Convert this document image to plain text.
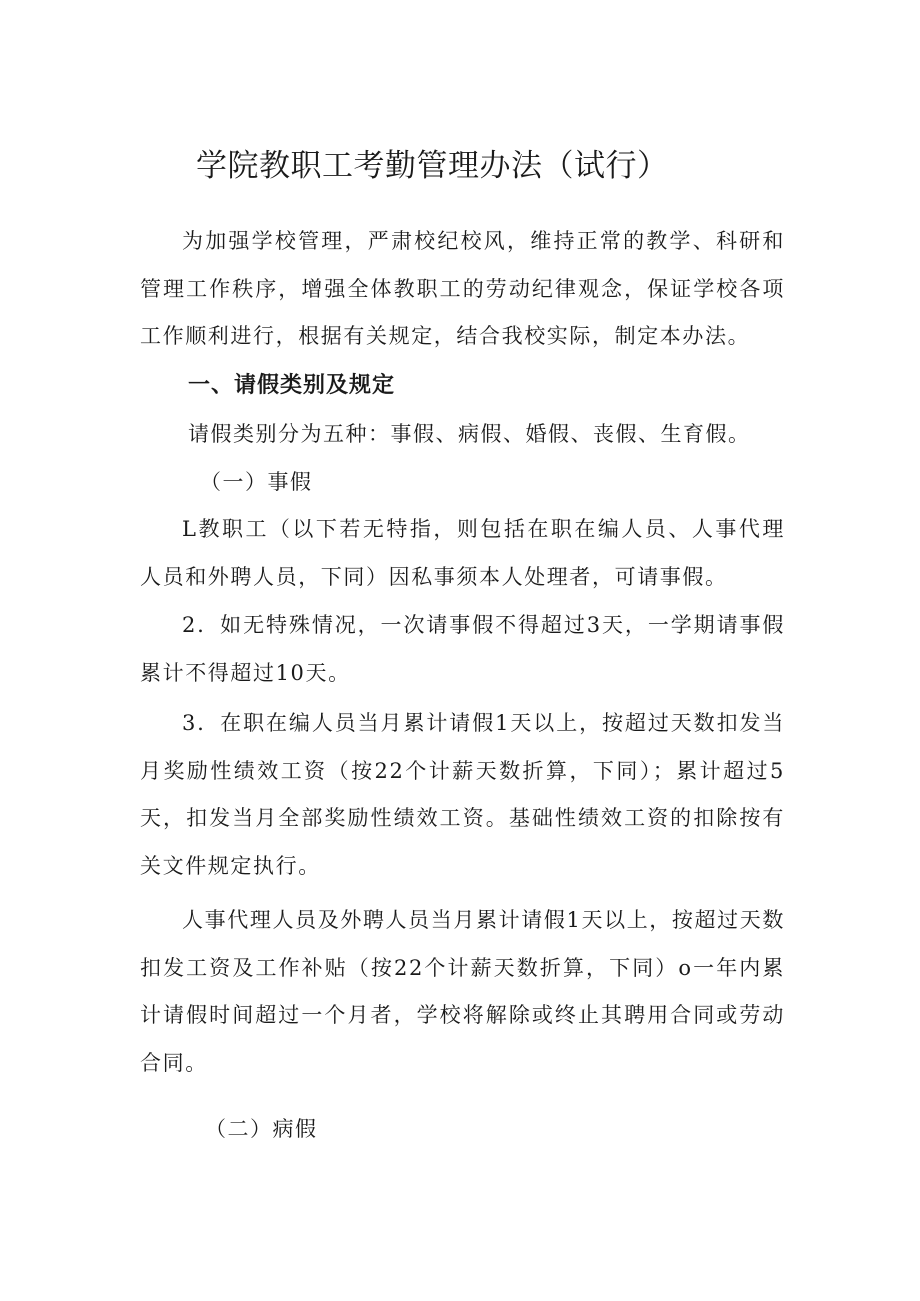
学院教职工考勤管理办法（试行）

为加强学校管理，严肃校纪校风，维持正常的教学、科研和管理工作秩序，增强全体教职工的劳动纪律观念，保证学校各项工作顺利进行，根据有关规定，结合我校实际，制定本办法。

一、请假类别及规定

请假类别分为五种：事假、病假、婚假、丧假、生育假。

（一）事假

L教职工（以下若无特指，则包括在职在编人员、人事代理人员和外聘人员，下同）因私事须本人处理者，可请事假。

2．如无特殊情况，一次请事假不得超过3天，一学期请事假累计不得超过10天。

3．在职在编人员当月累计请假1天以上，按超过天数扣发当月奖励性绩效工资（按22个计薪天数折算，下同）；累计超过5天，扣发当月全部奖励性绩效工资。基础性绩效工资的扣除按有关文件规定执行。

人事代理人员及外聘人员当月累计请假1天以上，按超过天数扣发工资及工作补贴（按22个计薪天数折算，下同）o一年内累计请假时间超过一个月者，学校将解除或终止其聘用合同或劳动合同。

（二）病假
